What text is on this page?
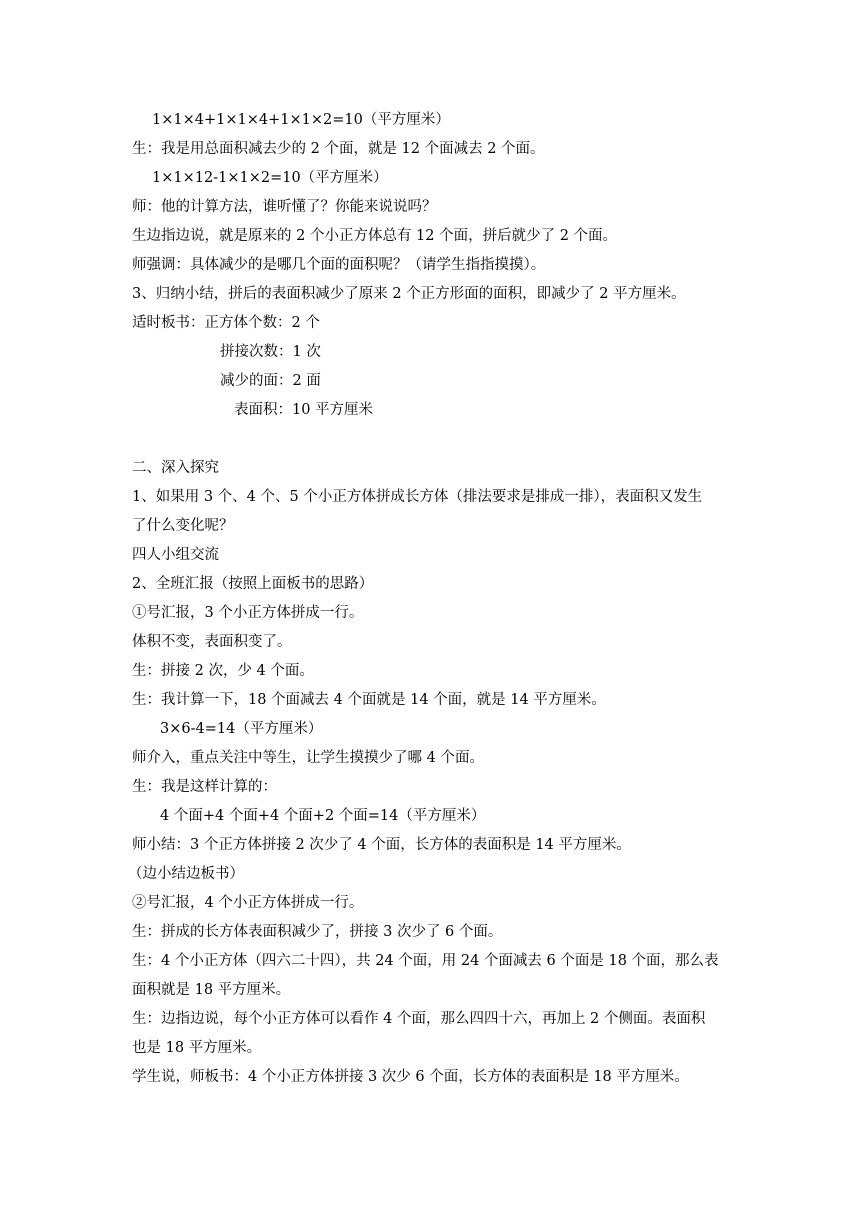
1×1×4+1×1×4+1×1×2=10（平方厘米）
生：我是用总面积减去少的 2 个面，就是 12 个面减去 2 个面。
1×1×12-1×1×2=10（平方厘米）
师：他的计算方法，谁听懂了？你能来说说吗？
生边指边说，就是原来的 2 个小正方体总有 12 个面，拼后就少了 2 个面。
师强调：具体减少的是哪几个面的面积呢？（请学生指指摸摸）。
3、归纳小结，拼后的表面积减少了原来 2 个正方形面的面积，即减少了 2 平方厘米。
适时板书：正方体个数：2 个
拼接次数：1 次
减少的面：2 面
表面积：10 平方厘米
二、深入探究
1、如果用 3 个、4 个、5 个小正方体拼成长方体（排法要求是排成一排），表面积又发生
了什么变化呢？
四人小组交流
2、全班汇报（按照上面板书的思路）
①号汇报，3 个小正方体拼成一行。
体积不变，表面积变了。
生：拼接 2 次，少 4 个面。
生：我计算一下，18 个面减去 4 个面就是 14 个面，就是 14 平方厘米。
3×6-4=14（平方厘米）
师介入，重点关注中等生，让学生摸摸少了哪 4 个面。
生：我是这样计算的：
4 个面+4 个面+4 个面+2 个面=14（平方厘米）
师小结：3 个正方体拼接 2 次少了 4 个面，长方体的表面积是 14 平方厘米。
（边小结边板书）
②号汇报，4 个小正方体拼成一行。
生：拼成的长方体表面积减少了，拼接 3 次少了 6 个面。
生：4 个小正方体（四六二十四），共 24 个面，用 24 个面减去 6 个面是 18 个面，那么表
面积就是 18 平方厘米。
生：边指边说，每个小正方体可以看作 4 个面，那么四四十六，再加上 2 个侧面。表面积
也是 18 平方厘米。
学生说，师板书：4 个小正方体拼接 3 次少 6 个面，长方体的表面积是 18 平方厘米。
